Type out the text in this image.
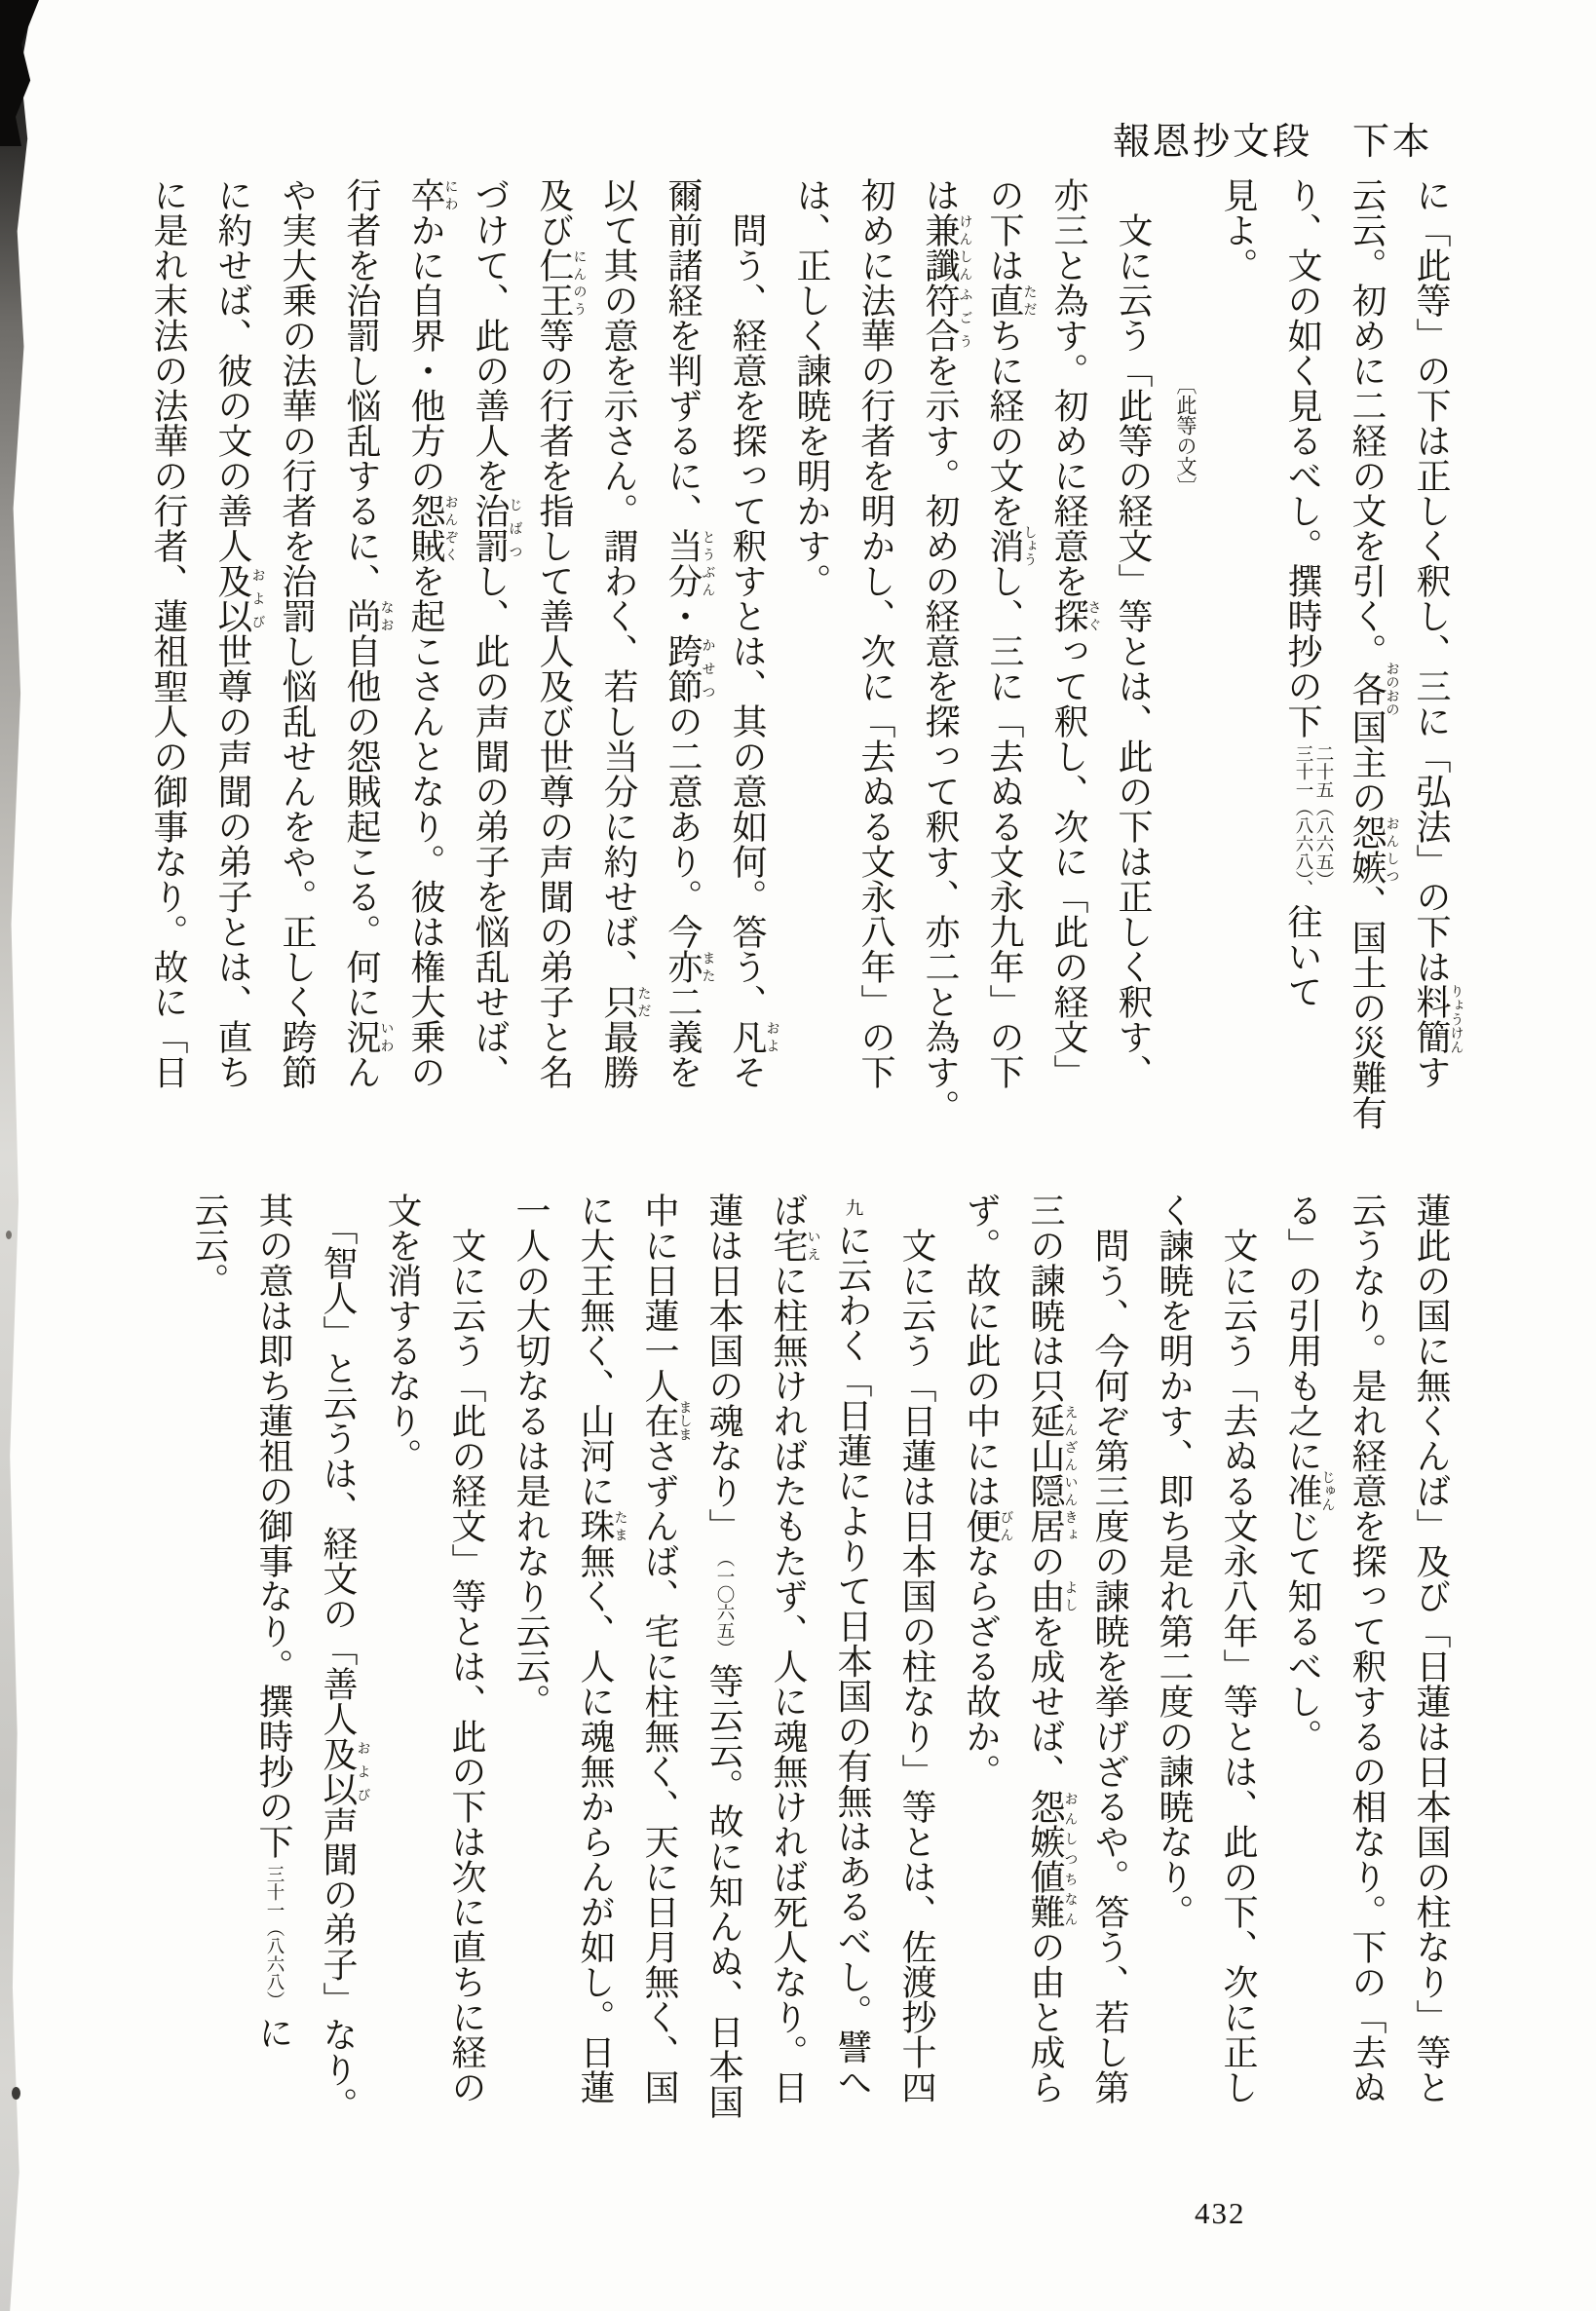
報恩抄文段　下本

に「此等」の下は正しく釈し、三に「弘法」の下は料簡りょうけんす

云云。初めに二経の文を引く。各おのおの国主の怨嫉おんしつ、国土の災難有

り、文の如く見るべし。撰時抄の下
二十五（八六五）
三十一（八六八）、
往いて

見よ。

〔此等の文〕

　文に云う「此等の経文」等とは、此の下は正しく釈す、

亦三と為す。初めに経意を探さぐって釈し、次に「此の経文」

の下は直ただちに経の文を消しょうし、三に「去ぬる文永九年」の下

は兼讖けんしん符合ふごうを示す。初めの経意を探って釈す、亦二と為す。

初めに法華の行者を明かし、次に「去ぬる文永八年」の下

は、正しく諫暁を明かす。

　問う、経意を探って釈すとは、其の意如何。答う、凡およそ

爾前諸経を判ずるに、当分とうぶん・跨節かせつの二意あり。今亦また二義を

以て其の意を示さん。謂わく、若し当分に約せば、只ただ最勝

及び仁王にんのう等の行者を指して善人及び世尊の声聞の弟子と名

づけて、此の善人を治罰じばつし、此の声聞の弟子を悩乱せば、

卒にわかに自界・他方の怨賊おんぞくを起こさんとなり。彼は権大乗の

行者を治罰し悩乱するに、尚なお自他の怨賊起こる。何に況いわん

や実大乗の法華の行者を治罰し悩乱せんをや。正しく跨節

に約せば、彼の文の善人及以および世尊の声聞の弟子とは、直ち

に是れ末法の法華の行者、蓮祖聖人の御事なり。故に「日

蓮此の国に無くんば」及び「日蓮は日本国の柱なり」等と

云うなり。是れ経意を探って釈するの相なり。下の「去ぬ

る」の引用も之に准じゅんじて知るべし。

　文に云う「去ぬる文永八年」等とは、此の下、次に正し

く諫暁を明かす、即ち是れ第二度の諫暁なり。

　問う、今何ぞ第三度の諫暁を挙げざるや。答う、若し第

三の諫暁は只延山隠居えんざんいんきょの由よしを成せば、怨嫉値難おんしつちなんの由と成ら

ず。故に此の中には便びんならざる故か。

　文に云う「日蓮は日本国の柱なり」等とは、佐渡抄十四

九
に云わく「日蓮によりて日本国の有無はあるべし。譬へ

ば宅いえに柱無ければたもたず、人に魂無ければ死人なり。日

蓮は日本国の魂なり」
（一〇六五）
等云云。故に知んぬ、日本国

中に日蓮一人在ましまさずんば、宅に柱無く、天に日月無く、国

に大王無く、山河に珠たま無く、人に魂無からんが如し。日蓮

一人の大切なるは是れなり云云。

　文に云う「此の経文」等とは、此の下は次に直ちに経の

文を消するなり。

　「智人」と云うは、経文の「善人及以および声聞の弟子」なり。

其の意は即ち蓮祖の御事なり。撰時抄の下
三十一（八六八）
に

云云。

432
